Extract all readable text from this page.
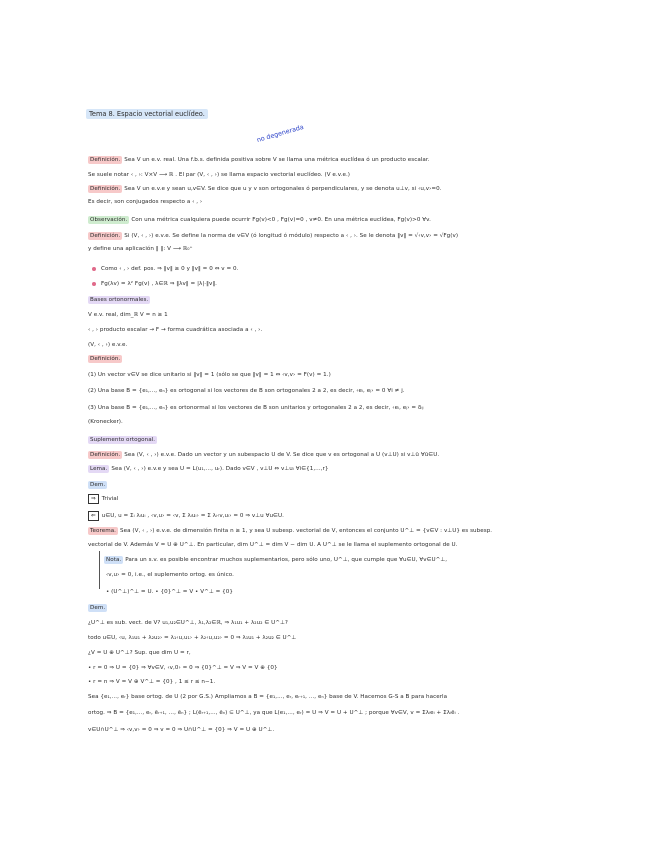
Tema 8. Espacio vectorial euclídeo.
no degenerada
Definición. Sea V un e.v. real. Una f.b.s. definida positiva sobre V se llama una métrica euclídea ó un producto escalar.
Se suele notar ‹ , ›: V×V ⟶ ℝ . El par (V, ‹ , ›) se llama espacio vectorial euclídeo. (V e.v.e.)
Definición. Sea V un e.v.e y sean u,v∈V. Se dice que u y v son ortogonales ó perpendiculares, y se denota u⊥v, si ‹u,v›=0.
Es decir, son conjugados respecto a ‹ , ›
Observación. Con una métrica cualquiera puede ocurrir Fg(v)<0 , Fg(v)=0 , v≠0. En una métrica euclídea, Fg(v)>0 ∀v.
Definición. Si (V, ‹ , ›) e.v.e. Se define la norma de v∈V (ó longitud ó módulo) respecto a ‹ , ›. Se le denota ‖v‖ = √‹v,v› = √Fg(v)
y define una aplicación ‖ ‖: V ⟶ ℝ₀⁺
Como ‹ , › def. pos. ⇒ ‖v‖ ≥ 0 y ‖v‖ = 0 ⇔ v = 0.
Fg(λv) = λ² Fg(v) , λ∈ℝ ⇒ ‖λv‖ = |λ|·‖v‖.
Bases ortonormales.
V e.v. real, dim_ℝ V = n ≥ 1
‹ , › producto escalar → F → forma cuadrática asociada a ‹ , ›.
(V, ‹ , ›) e.v.e.
Definición.
(1) Un vector v∈V se dice unitario si ‖v‖ = 1 (sólo se que ‖v‖ = 1 ⇔ ‹v,v› = F(v) = 1.)
(2) Una base B = {e₁,..., eₙ} es ortogonal si los vectores de B son ortogonales 2 a 2, es decir, ‹eᵢ, eⱼ› = 0 ∀i ≠ j.
(3) Una base B = {e₁,..., eₙ} es ortonormal si los vectores de B son unitarios y ortogonales 2 a 2, es decir, ‹eᵢ, eⱼ› = δᵢⱼ
(Kronecker).
Suplemento ortogonal.
Definición. Sea (V, ‹ , ›) e.v.e. Dado un vector y un subespacio U de V. Se dice que v es ortogonal a U (v⊥U) si v⊥ū ∀ū∈U.
Lema. Sea (V, ‹ , ›) e.v.e y sea U = L(u₁,..., uᵣ). Dado v∈V , v⊥U ⇔ v⊥uᵢ ∀i∈{1,...,r}
Dem.
⇒ Trivial
⇐ u∈U, u = Σᵢ λᵢuᵢ , ‹v,u› = ‹v, Σ λᵢuᵢ› = Σ λᵢ‹v,uᵢ› = 0 ⇒ v⊥u ∀u∈U.
Teorema. Sea (V, ‹ , ›) e.v.e. de dimensión finita n ≥ 1, y sea U subesp. vectorial de V, entonces el conjunto U^⊥ = {v∈V : v⊥U} es subesp.
vectorial de V. Además V = U ⊕ U^⊥. En particular, dim U^⊥ = dim V − dim U. A U^⊥ se le llama el suplemento ortogonal de U.
Nota. Para un s.v. es posible encontrar muchos suplementarios, pero sólo uno, U^⊥, que cumple que ∀u∈U, ∀v∈U^⊥,
‹v,u› = 0, i.e., el suplemento ortog. es único.
• (U^⊥)^⊥ = U. • {0}^⊥ = V • V^⊥ = {0}
Dem.
¿U^⊥ es sub. vect. de V? u₁,u₂∈U^⊥, λ₁,λ₂∈ℝ, ⇒ λ₁u₁ + λ₂u₂ ∈ U^⊥?
todo u∈U, ‹u, λ₁u₁ + λ₂u₂› = λ₁‹u,u₁› + λ₂‹u,u₂› = 0 ⇒ λ₁u₁ + λ₂u₂ ∈ U^⊥
¿V = U ⊕ U^⊥? Sup. que dim U = r,
• r = 0 ⇒ U = {0} ⇒ ∀v∈V, ‹v,0› = 0 ⇒ {0}^⊥ = V ⇒ V = V ⊕ {0}
• r = n ⇒ V = V ⊕ V^⊥ = {0} , 1 ≤ r ≤ n−1.
Sea {e₁,..., eᵣ} base ortog. de U (2 por G.S.) Ampliamos a B = {e₁,..., eᵣ, eᵣ₊₁, ..., eₙ} base de V. Hacemos G-S a B para hacerla
ortog. ⇒ B = {e₁,..., eᵣ, ēᵣ₊₁, ..., ēₙ} ; L(ēᵣ₊₁,..., ēₙ) ⊆ U^⊥, ya que L(e₁,..., eᵣ) = U ⇒ V = U + U^⊥ ; porque ∀v∈V, v = Σλᵢeᵢ + Σλᵢēᵢ .
v∈U∩U^⊥ ⇒ ‹v,v› = 0 ⇒ v = 0 ⇒ U∩U^⊥ = {0} ⇒ V = U ⊕ U^⊥.
